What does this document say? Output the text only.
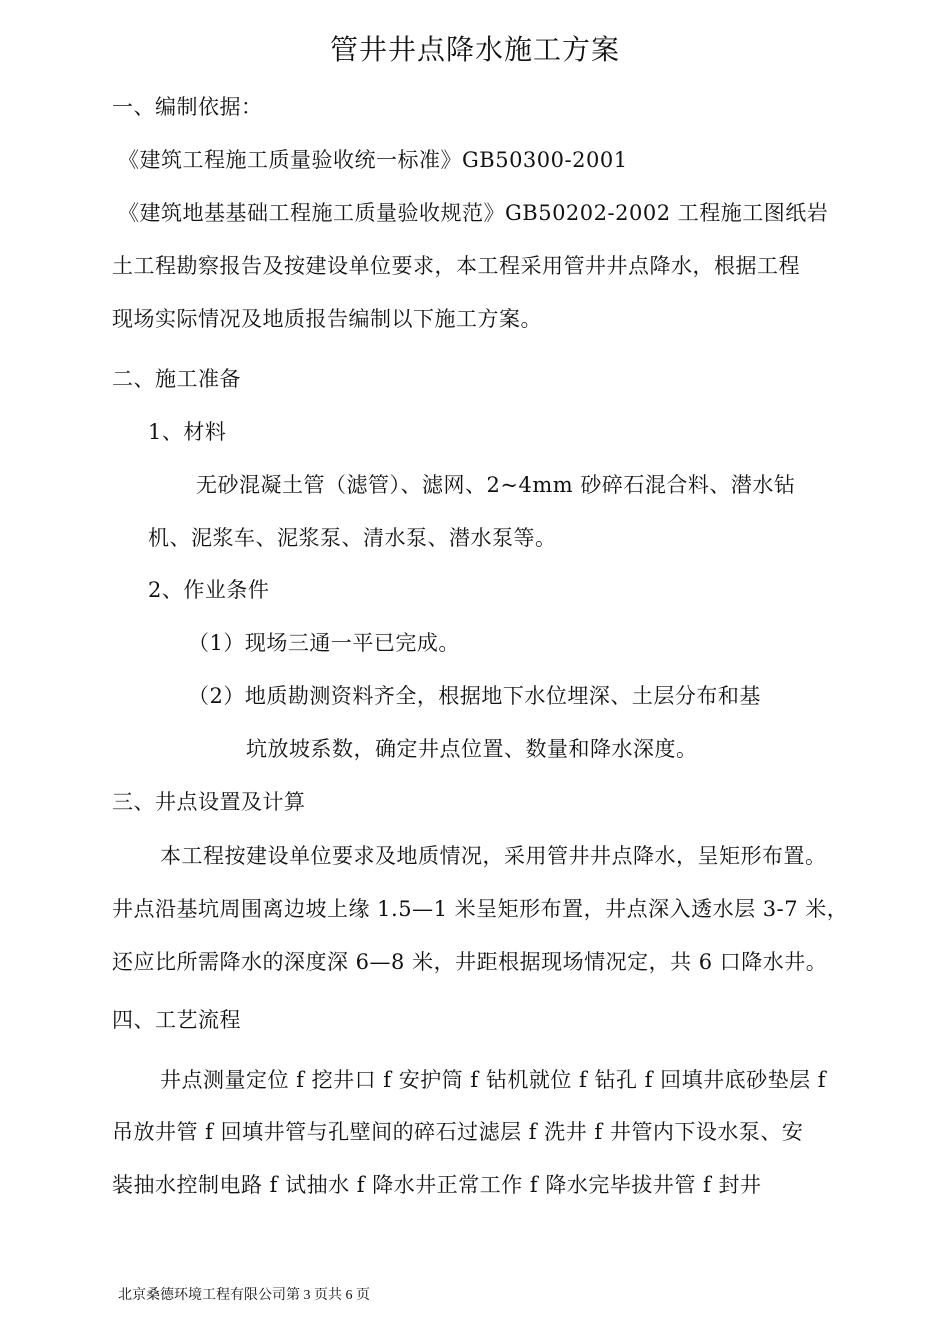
管井井点降水施工方案
一、编制依据：
《建筑工程施工质量验收统一标准》GB50300-2001
《建筑地基基础工程施工质量验收规范》GB50202-2002 工程施工图纸岩
土工程勘察报告及按建设单位要求，本工程采用管井井点降水，根据工程
现场实际情况及地质报告编制以下施工方案。
二、施工准备
1、材料
无砂混凝土管（滤管）、滤网、2~4mm 砂碎石混合料、潜水钻
机、泥浆车、泥浆泵、清水泵、潜水泵等。
2、作业条件
（1）现场三通一平已完成。
（2）地质勘测资料齐全，根据地下水位埋深、土层分布和基
坑放坡系数，确定井点位置、数量和降水深度。
三、井点设置及计算
本工程按建设单位要求及地质情况，采用管井井点降水，呈矩形布置。
井点沿基坑周围离边坡上缘 1.5—1 米呈矩形布置，井点深入透水层 3-7 米，
还应比所需降水的深度深 6—8 米，井距根据现场情况定，共 6 口降水井。
四、工艺流程
井点测量定位 f 挖井口 f 安护筒 f 钻机就位 f 钻孔 f 回填井底砂垫层 f
吊放井管 f 回填井管与孔壁间的碎石过滤层 f 洗井 f 井管内下设水泵、安
装抽水控制电路 f 试抽水 f 降水井正常工作 f 降水完毕拔井管 f 封井
北京桑德环境工程有限公司第 3 页共 6 页
